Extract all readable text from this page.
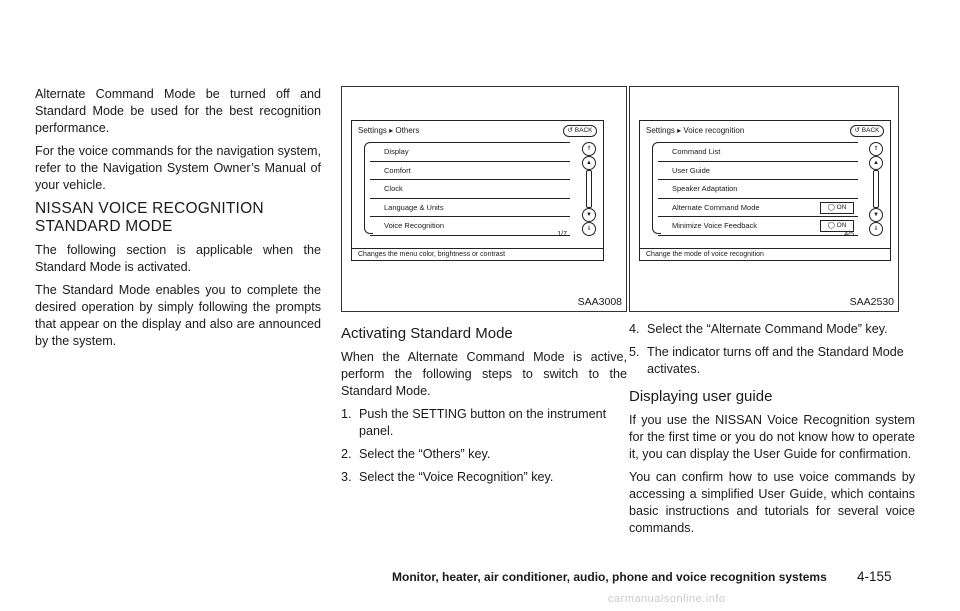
Alternate Command Mode be turned off and Standard Mode be used for the best recognition performance.

For the voice commands for the navigation system, refer to the Navigation System Owner’s Manual of your vehicle.

NISSAN VOICE RECOGNITION
STANDARD MODE

The following section is applicable when the Standard Mode is activated.

The Standard Mode enables you to complete the desired operation by simply following the prompts that appear on the display and also are announced by the system.

Settings ▸ Others	↺ BACK
Display
Comfort
Clock
Language & Units
Voice Recognition
⇑
▲
▼
⇓
1/7
Changes the menu color, brightness or contrast
SAA3008
Activating Standard Mode

When the Alternate Command Mode is active, perform the following steps to switch to the Standard Mode.

1. Push the SETTING button on the instrument panel.
2. Select the “Others” key.
3. Select the “Voice Recognition” key.
Settings ▸ Voice recognition	↺ BACK
Command List
User Guide
Speaker Adaptation
Alternate Command Mode	◯ ON
Minimize Voice Feedback	◯ ON
⇑
▲
▼
⇓
4/5
Change the mode of voice recognition
SAA2530
4. Select the “Alternate Command Mode” key.
5. The indicator turns off and the Standard Mode activates.
Displaying user guide

If you use the NISSAN Voice Recognition system for the first time or you do not know how to operate it, you can display the User Guide for confirmation.

You can confirm how to use voice commands by accessing a simplified User Guide, which contains basic instructions and tutorials for several voice commands.

Monitor, heater, air conditioner, audio, phone and voice recognition systems 4-155
carmanualsonline.info
